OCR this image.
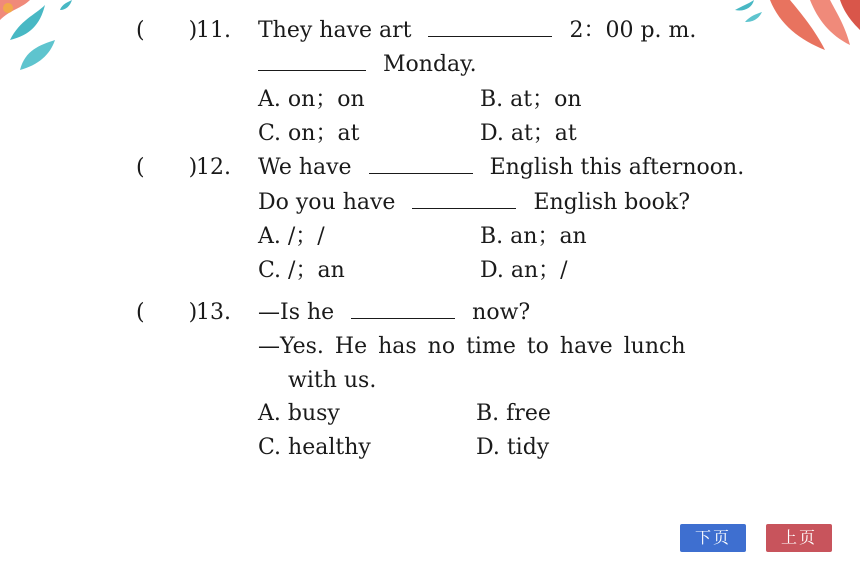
(　　)
11. They have art	2：00 p. m.
Monday.
A. on；on	B. at；on
C. on；at	D. at；at
(　　)
12. We have	English this afternoon.
Do you have	English book?
A. /；/	B. an；an
C. /；an	D. an；/
(　　)
13. —Is he	now?
—Yes. He has no time to have lunch
with us.
A. busy	B. free
C. healthy	D. tidy
下页	上页
